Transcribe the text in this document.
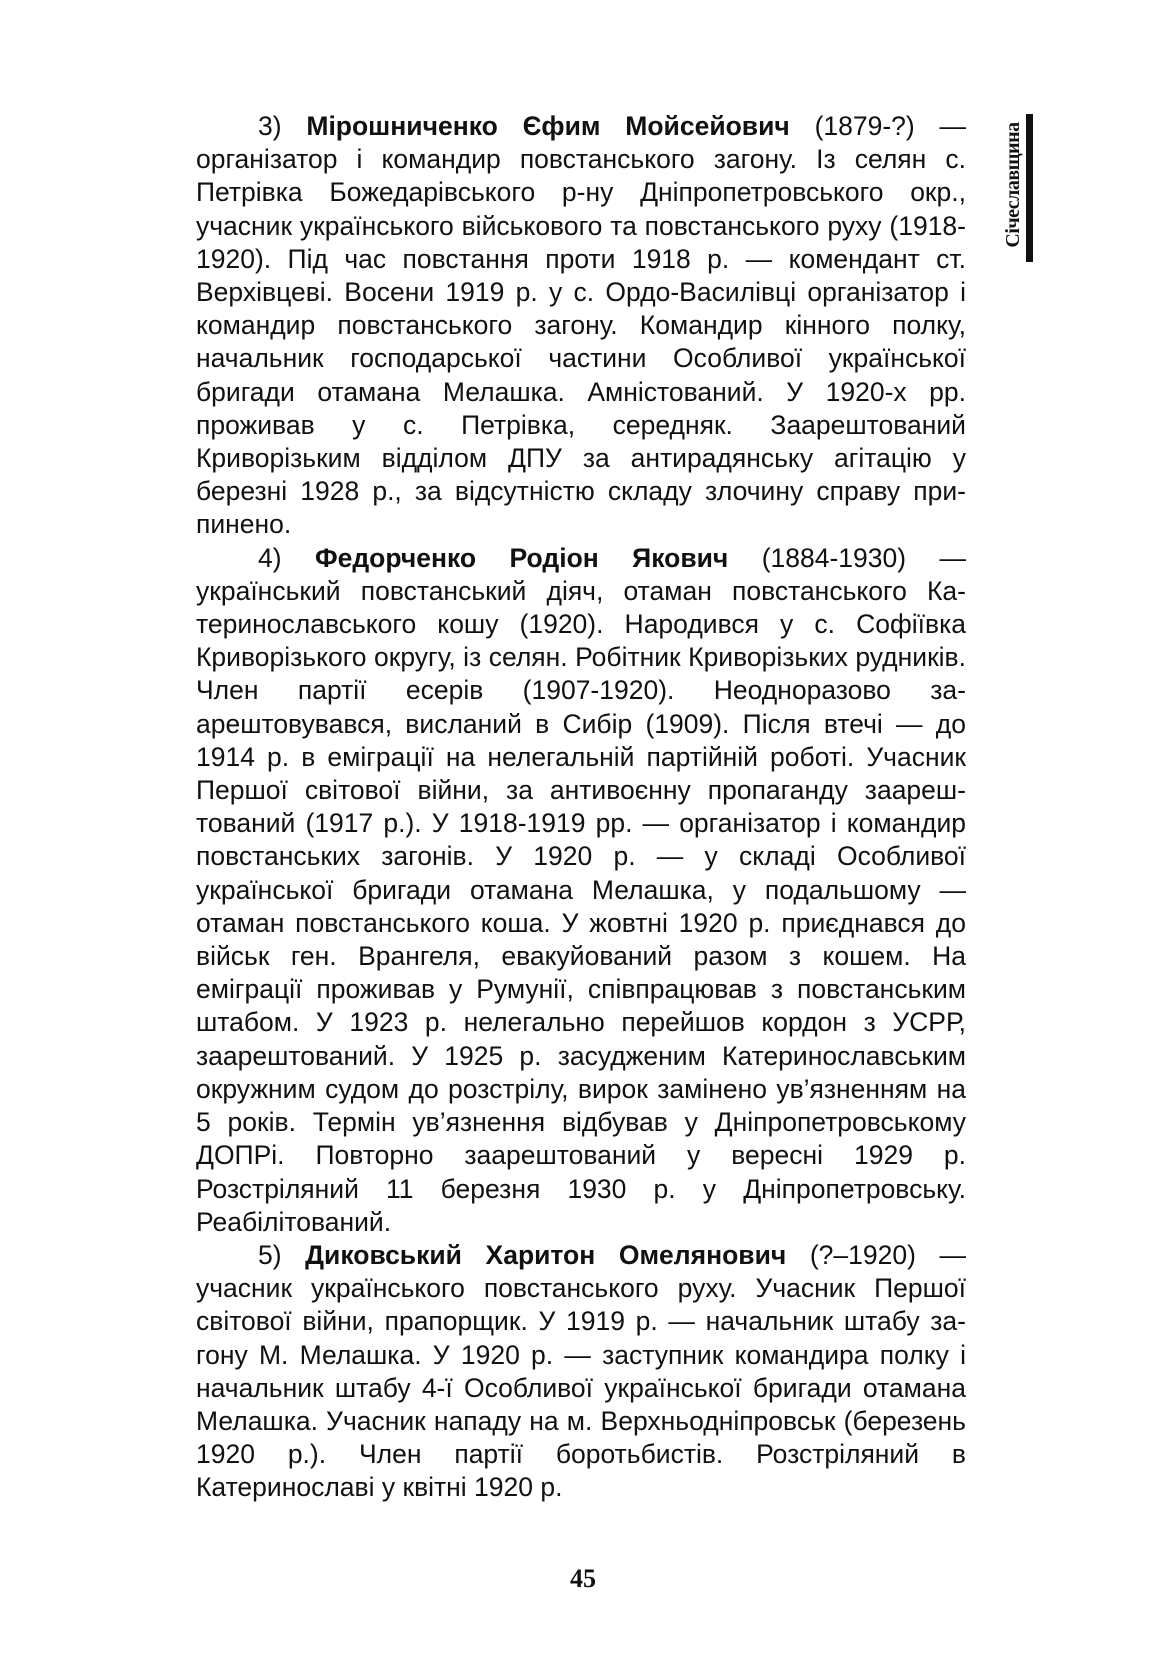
3) Мірошниченко Єфим Мойсейович (1879-?) — організатор і командир повстанського загону. Із селян с. Петрівка Божедарівського р-ну Дніпропетровського окр., учасник українського військового та повстанського руху (1918-1920). Під час повстання проти 1918 р. — комендант ст. Верхівцеві. Восени 1919 р. у с. Ордо-Василівці організатор і командир повстанського загону. Командир кінного полку, начальник господарської частини Особливої української бригади отамана Мелашка. Амністований. У 1920-х рр. проживав у с. Петрівка, середняк. Заарештований Криворізьким відділом ДПУ за антирадянську агітацію у березні 1928 р., за відсутністю складу злочину справу припинено.

4) Федорченко Родіон Якович (1884-1930) — український повстанський діяч, отаман повстанського Катеринославського кошу (1920). Народився у с. Софіївка Криворізького округу, із селян. Робітник Криворізьких рудників. Член партії есерів (1907-1920). Неодноразово заарештовувався, висланий в Сибір (1909). Після втечі — до 1914 р. в еміграції на нелегальній партійній роботі. Учасник Першої світової війни, за антивоєнну пропаганду заарештований (1917 р.). У 1918-1919 рр. — організатор і командир повстанських загонів. У 1920 р. — у складі Особливої української бригади отамана Мелашка, у подальшому — отаман повстанського коша. У жовтні 1920 р. приєднався до військ ген. Врангеля, евакуйований разом з кошем. На еміграції проживав у Румунії, співпрацював з повстанським штабом. У 1923 р. нелегально перейшов кордон з УСРР, заарештований. У 1925 р. засудженим Катеринославським окружним судом до розстрілу, вирок замінено ув’язненням на 5 років. Термін ув’язнення відбував у Дніпропетровському ДОПРі. Повторно заарештований у вересні 1929 р. Розстріляний 11 березня 1930 р. у Дніпропетровську. Реабілітований.

5) Диковський Харитон Омелянович (?–1920) — учасник українського повстанського руху. Учасник Першої світової війни, прапорщик. У 1919 р. — начальник штабу загону М. Мелашка. У 1920 р. — заступник командира полку і начальник штабу 4-ї Особливої української бригади отамана Мелашка. Учасник нападу на м. Верхньодніпровськ (березень 1920 р.). Член партії боротьбистів. Розстріляний в Катеринославі у квітні 1920 р.

Січеславщина
45
